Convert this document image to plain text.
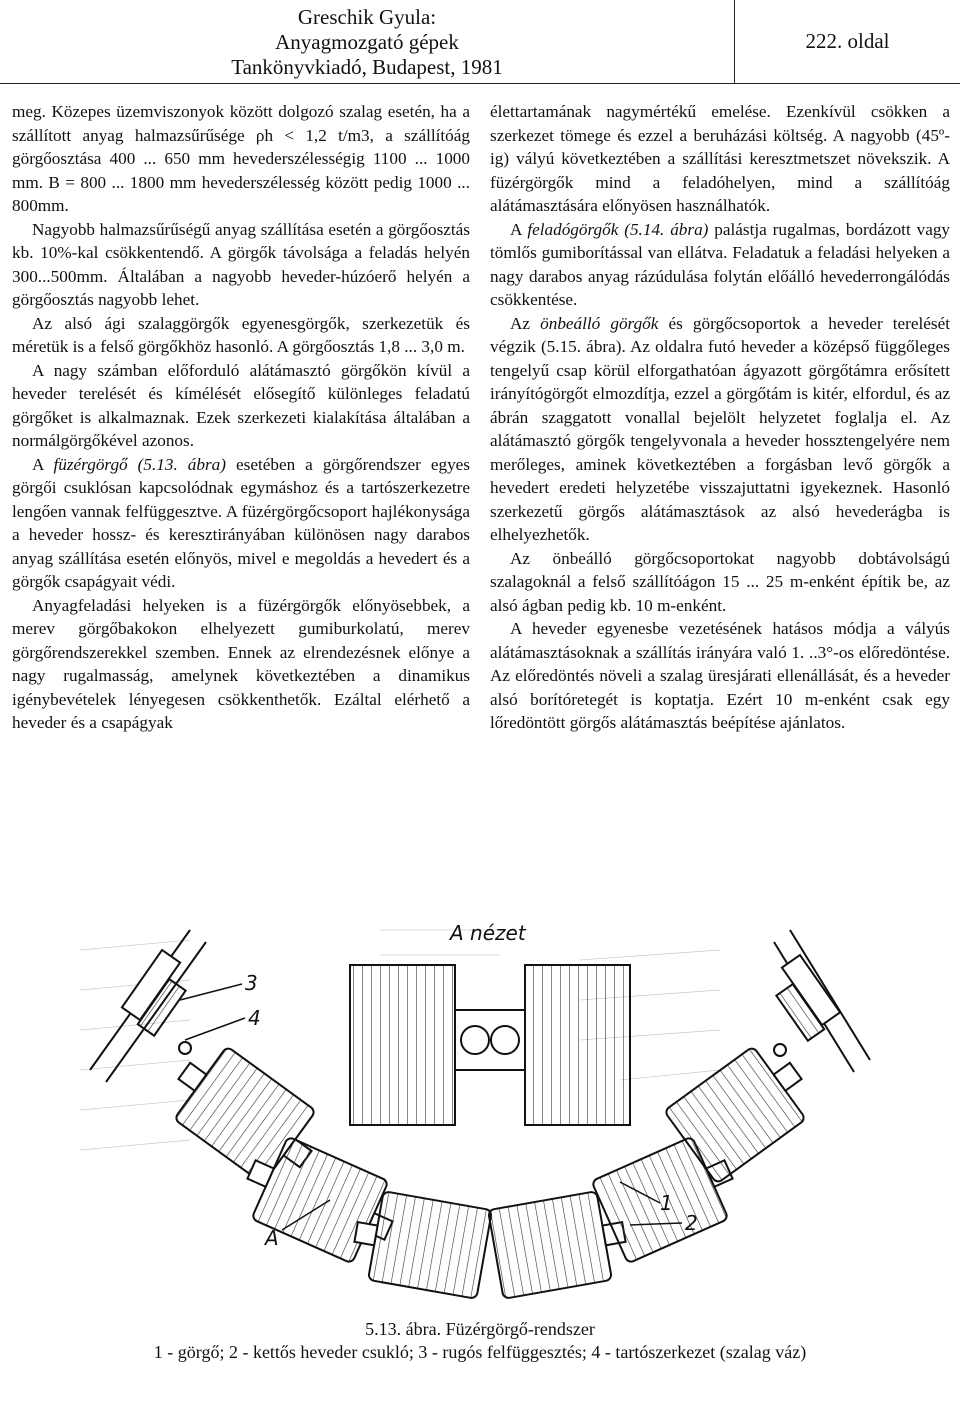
Greschik Gyula:
Anyagmozgató gépek
Tankönyvkiadó, Budapest, 1981
222. oldal

meg. Közepes üzemviszonyok között dolgozó szalag esetén, ha a szállított anyag halmazsűrűsége ρh < 1,2 t/m3, a szállítóág görgőosztása 400 ... 650 mm hevederszélességig 1100 ... 1000 mm. B = 800 ... 1800 mm hevederszélesség között pedig 1000 ... 800mm.

Nagyobb halmazsűrűségű anyag szállítása esetén a görgőosztás kb. 10%-kal csökkentendő. A görgők távolsága a feladás helyén 300...500mm. Általában a nagyobb heveder-húzóerő helyén a görgőosztás nagyobb lehet.

Az alsó ági szalaggörgők egyenesgörgők, szerkezetük és méretük is a felső görgőkhöz hasonló. A görgőosztás 1,8 ... 3,0 m.

A nagy számban előforduló alátámasztó görgőkön kívül a heveder terelését és kímélését elősegítő különleges feladatú görgőket is alkalmaznak. Ezek szerkezeti kialakítása általában a normálgörgőkével azonos.

A füzérgörgő (5.13. ábra) esetében a görgőrendszer egyes görgői csuklósan kapcsolódnak egymáshoz és a tartószerkezetre lengően vannak felfüggesztve. A füzérgörgőcsoport hajlékonysága a heveder hossz- és keresztirányában különösen nagy darabos anyag szállítása esetén előnyös, mivel e megoldás a hevedert és a görgők csapágyait védi.

Anyagfeladási helyeken is a füzérgörgők előnyösebbek, a merev görgőbakokon elhelyezett gumiburkolatú, merev görgőrendszerekkel szemben. Ennek az elrendezésnek előnye a nagy rugalmasság, amelynek következtében a dinamikus igénybevételek lényegesen csökkenthetők. Ezáltal elérhető a heveder és a csapágyak

élettartamának nagymértékű emelése. Ezenkívül csökken a szerkezet tömege és ezzel a beruházási költség. A nagyobb (45º-ig) vályú következtében a szállítási keresztmetszet növekszik. A füzérgörgők mind a feladóhelyen, mind a szállítóág alátámasztására előnyösen használhatók.

A feladógörgők (5.14. ábra) palástja rugalmas, bordázott vagy tömlős gumiborítással van ellátva. Feladatuk a feladási helyeken a nagy darabos anyag rázúdulása folytán előálló hevederrongálódás csökkentése.

Az önbeálló görgők és görgőcsoportok a heveder terelését végzik (5.15. ábra). Az oldalra futó heveder a középső függőleges tengelyű csap körül elforgathatóan ágyazott görgőtámra erősített irányítógörgőt elmozdítja, ezzel a görgőtám is kitér, elfordul, és az ábrán szaggatott vonallal bejelölt helyzetet foglalja el. Az alátámasztó görgők tengelyvonala a heveder hossztengelyére nem merőleges, aminek következtében a forgásban levő görgők a hevedert eredeti helyzetébe visszajuttatni igyekeznek. Hasonló szerkezetű görgős alátámasztások az alsó hevederágba is elhelyezhetők.

Az önbeálló görgőcsoportokat nagyobb dobtávolságú szalagoknál a felső szállítóágon 15 ... 25 m-enként építik be, az alsó ágban pedig kb. 10 m-enként.

A heveder egyenesbe vezetésének hatásos módja a vályús alátámasztásoknak a szállítás irányára való 1. ..3°-os előredöntése. Az előredöntés növeli a szalag üresjárati ellenállását, és a heveder alsó borítóretegét is koptatja. Ezért 10 m-enként csak egy lőredöntött görgős alátámasztás beépítése ajánlatos.

A nézet
A
3
4
1
2
5.13. ábra. Füzérgörgő-rendszer
1 - görgő; 2 - kettős heveder csukló; 3 - rugós felfüggesztés; 4 - tartószerkezet (szalag váz)
